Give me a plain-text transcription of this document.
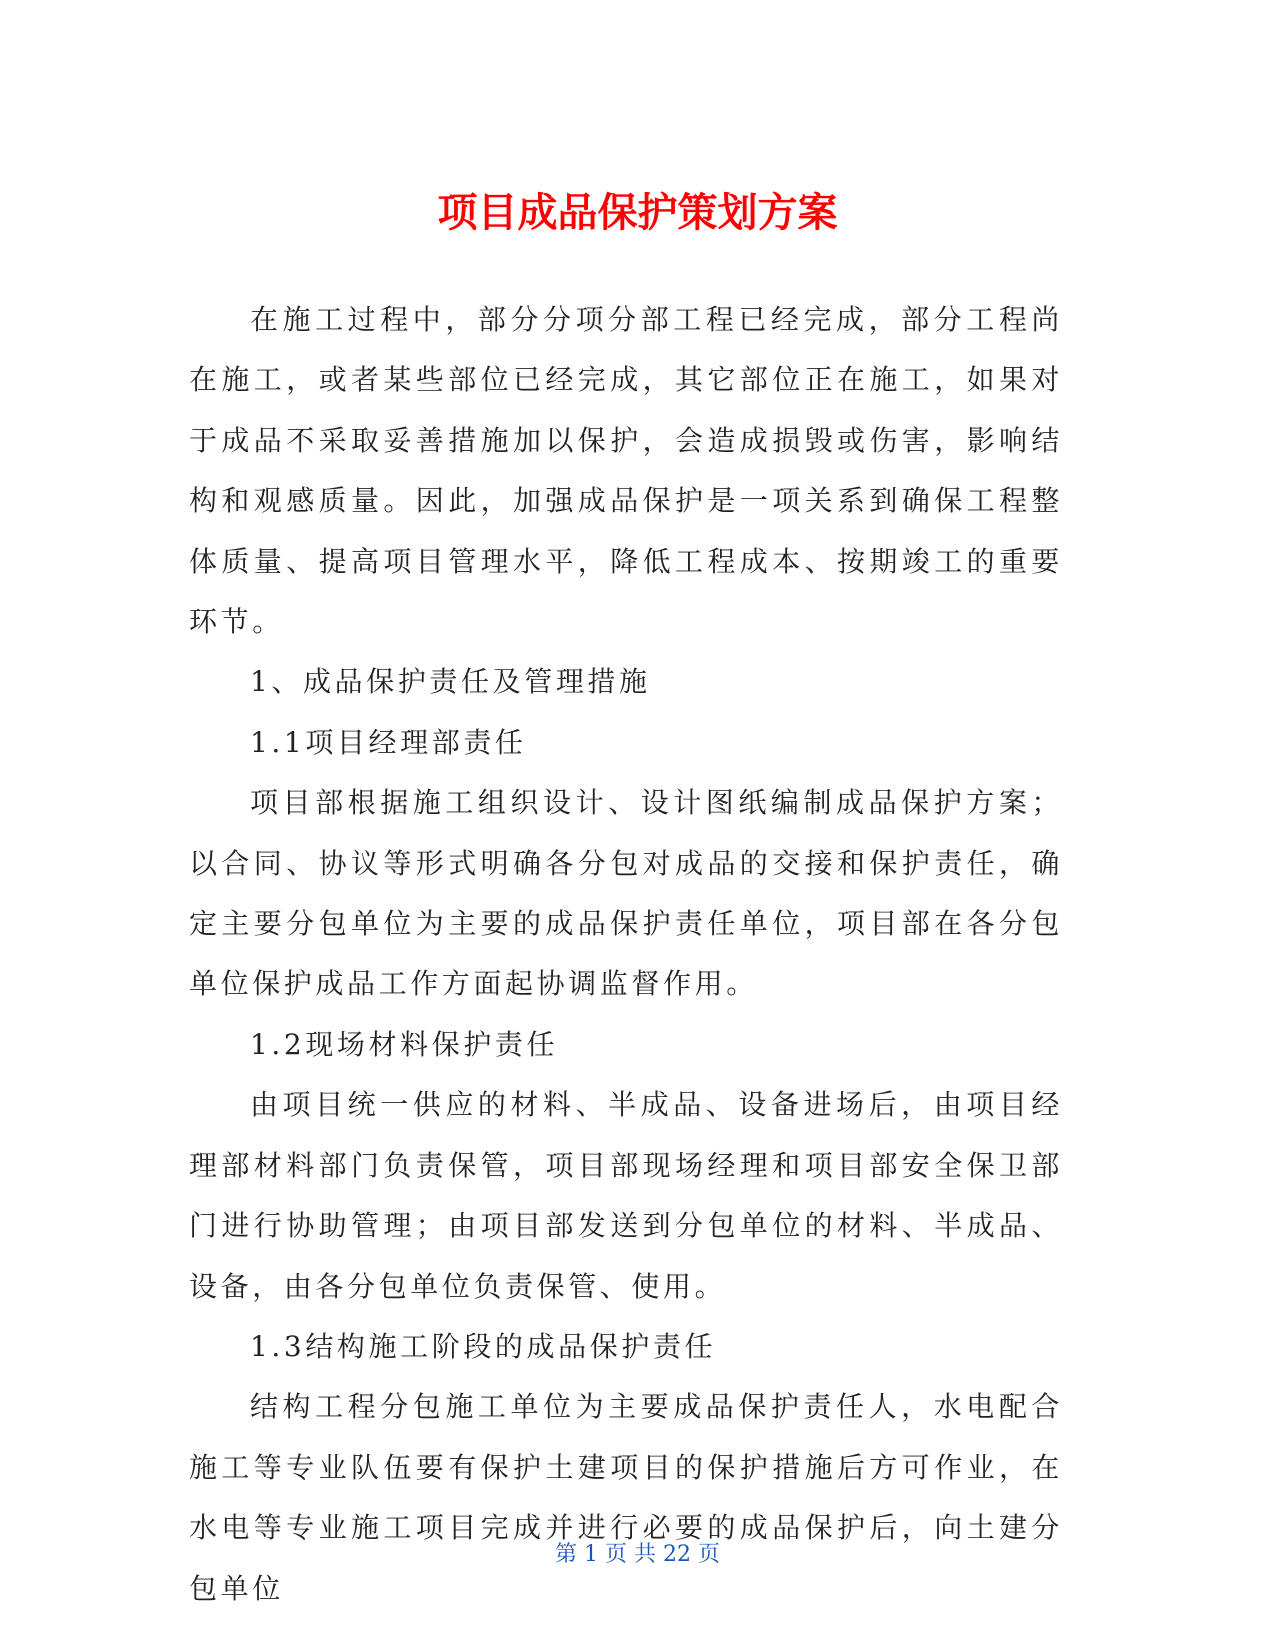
项目成品保护策划方案

在施工过程中，部分分项分部工程已经完成，部分工程尚在施工，或者某些部位已经完成，其它部位正在施工，如果对于成品不采取妥善措施加以保护，会造成损毁或伤害，影响结构和观感质量。因此，加强成品保护是一项关系到确保工程整体质量、提高项目管理水平，降低工程成本、按期竣工的重要环节。

1、成品保护责任及管理措施

1.1项目经理部责任

项目部根据施工组织设计、设计图纸编制成品保护方案；以合同、协议等形式明确各分包对成品的交接和保护责任，确定主要分包单位为主要的成品保护责任单位，项目部在各分包单位保护成品工作方面起协调监督作用。

1.2现场材料保护责任

由项目统一供应的材料、半成品、设备进场后，由项目经理部材料部门负责保管，项目部现场经理和项目部安全保卫部门进行协助管理；由项目部发送到分包单位的材料、半成品、设备，由各分包单位负责保管、使用。

1.3结构施工阶段的成品保护责任

结构工程分包施工单位为主要成品保护责任人，水电配合施工等专业队伍要有保护土建项目的保护措施后方可作业，在水电等专业施工项目完成并进行必要的成品保护后，向土建分包单位

第 1 页 共 22 页
